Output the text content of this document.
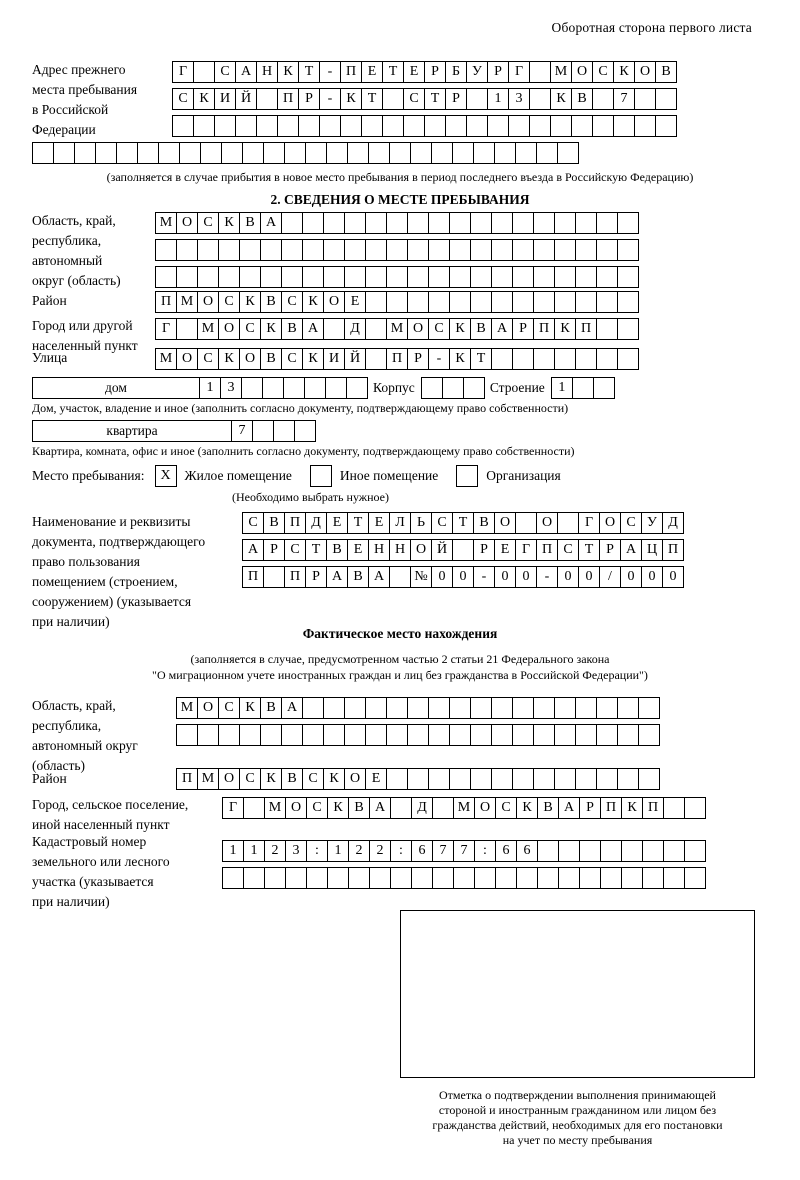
Оборотная сторона первого листа
Адрес прежнего
места пребывания
в Российской
Федерации
Г	С А Н К Т	- П Е Т Е Р Б У Р Г	М О С К О В
С К И Й	П Р	-	К Т	С Т Р	1	3	К В	7
(заполняется в случае прибытия в новое место пребывания в период последнего въезда в Российскую Федерацию)
2. СВЕДЕНИЯ О МЕСТЕ ПРЕБЫВАНИЯ
Область, край,
республика,
автономный
округ (область)
М О С К В А
Район	П М О С К В С К О Е
Город или другой
населенный пункт
Г	М О С К В А	Д	М О С К В А Р П К П
Улица	М О С К О В С К И Й	П Р	-	К Т
дом	1	3	Корпус	Строение 1
Дом, участок, владение и иное (заполнить согласно документу, подтверждающему право собственности)
квартира	7
Квартира, комната, офис и иное (заполнить согласно документу, подтверждающему право собственности)
Место пребывания:	Х	Жилое помещение	Иное помещение	Организация
(Необходимо выбрать нужное)
Наименование и реквизиты
документа, подтверждающего
право пользования
помещением (строением,
сооружением) (указывается
при наличии)
С В П Д Е Т Е Л Ь С Т В О	О	Г О С У Д
А Р С Т В Е Н Н О Й	Р Е Г П С Т Р А Ц П
П	П Р А В А	№ 0	0	-	0	0	-	0	0	/	0	0	0
Фактическое место нахождения
(заполняется в случае, предусмотренном частью 2 статьи 21 Федерального закона
"О миграционном учете иностранных граждан и лиц без гражданства в Российской Федерации")
Область, край,
республика,
автономный округ
(область)
М О С К В А
Район	П М О С К В С К О Е
Город, сельское поселение,
иной населенный пункт
Г	М О С К В А	Д	М О С К В А Р П К П
Кадастровый номер
земельного или лесного
участка (указывается
при наличии)
1	1	2	3	:	1	2	2	:	6	7	7	:	6	6
Отметка о подтверждении выполнения принимающей
стороной и иностранным гражданином или лицом без
гражданства действий, необходимых для его постановки
на учет по месту пребывания
